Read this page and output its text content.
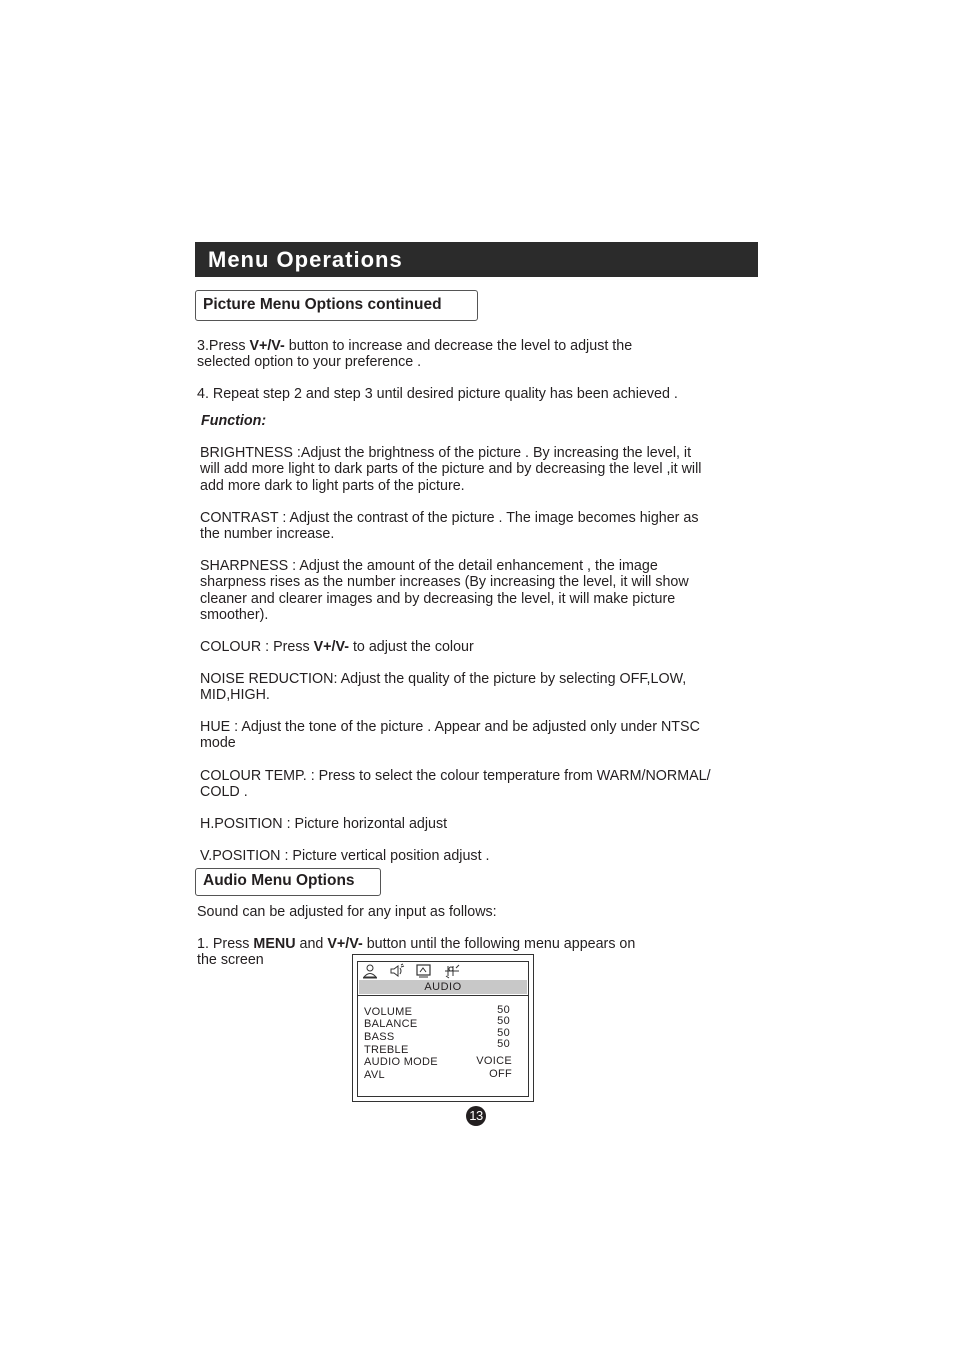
Menu Operations
Picture Menu Options continued
3.Press V+/V- button to increase and decrease the level to adjust the
selected option to your preference .
4. Repeat step 2 and step 3 until desired picture quality has been achieved .
Function:
BRIGHTNESS :Adjust the brightness of the picture . By increasing the level, it
will add more light to dark parts of the picture and by decreasing the level ,it will
add more dark to light parts of the picture.
CONTRAST : Adjust the contrast of the picture . The image becomes higher as
the number increase.
SHARPNESS : Adjust the amount of the detail enhancement , the image
sharpness rises as the number increases (By increasing the level, it will show
cleaner and clearer images and by decreasing the level, it will make picture
smoother).
COLOUR : Press V+/V- to adjust the colour
NOISE REDUCTION: Adjust the quality of the picture by selecting OFF,LOW,
MID,HIGH.
HUE : Adjust the tone of the picture . Appear and be adjusted only under NTSC
mode
COLOUR TEMP. : Press to select the colour temperature from WARM/NORMAL/
COLD .
H.POSITION : Picture horizontal adjust
V.POSITION : Picture vertical position adjust .
Audio Menu Options
Sound can be adjusted for any input as follows:
1. Press MENU and V+/V- button until the following menu appears on
the screen
AUDIO
VOLUME
BALANCE
BASS
TREBLE
AUDIO MODE
AVL
50
50
50
50
VOICE
OFF
13
